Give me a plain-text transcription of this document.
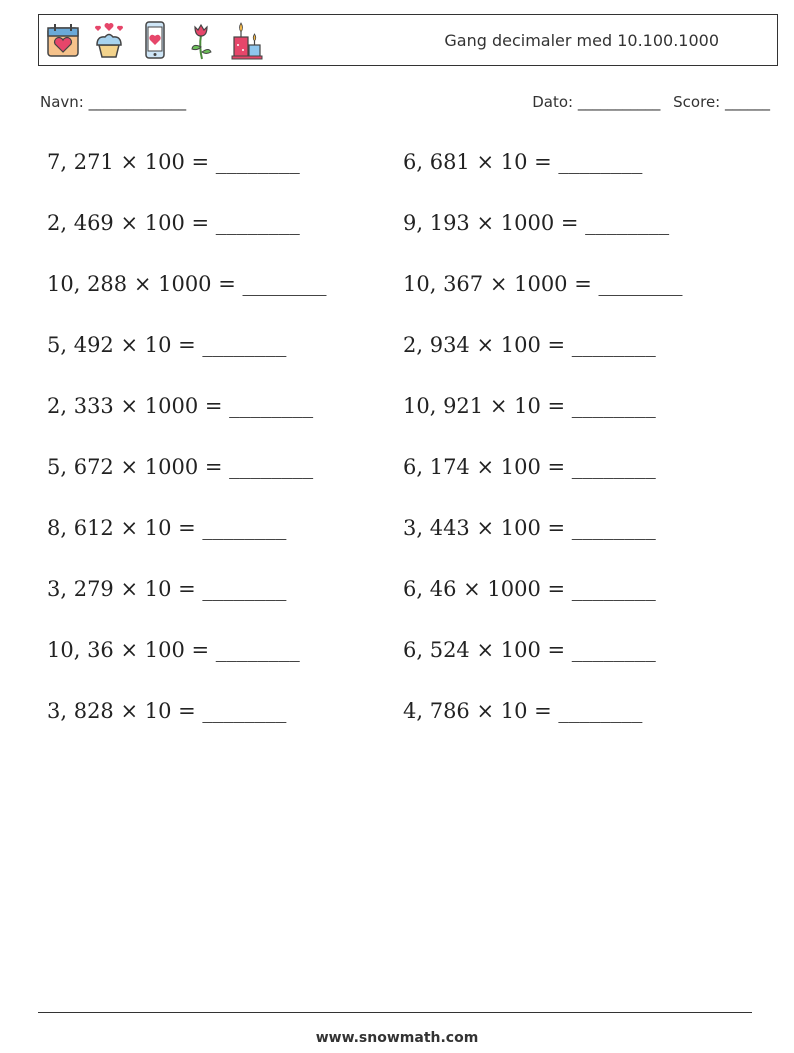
Gang decimaler med 10.100.1000
Navn: _____________	Dato: ___________ Score: ______
7, 271 × 100 = ________
2, 469 × 100 = ________
10, 288 × 1000 = ________
5, 492 × 10 = ________
2, 333 × 1000 = ________
5, 672 × 1000 = ________
8, 612 × 10 = ________
3, 279 × 10 = ________
10, 36 × 100 = ________
3, 828 × 10 = ________
6, 681 × 10 = ________
9, 193 × 1000 = ________
10, 367 × 1000 = ________
2, 934 × 100 = ________
10, 921 × 10 = ________
6, 174 × 100 = ________
3, 443 × 100 = ________
6, 46 × 1000 = ________
6, 524 × 100 = ________
4, 786 × 10 = ________
www.snowmath.com
